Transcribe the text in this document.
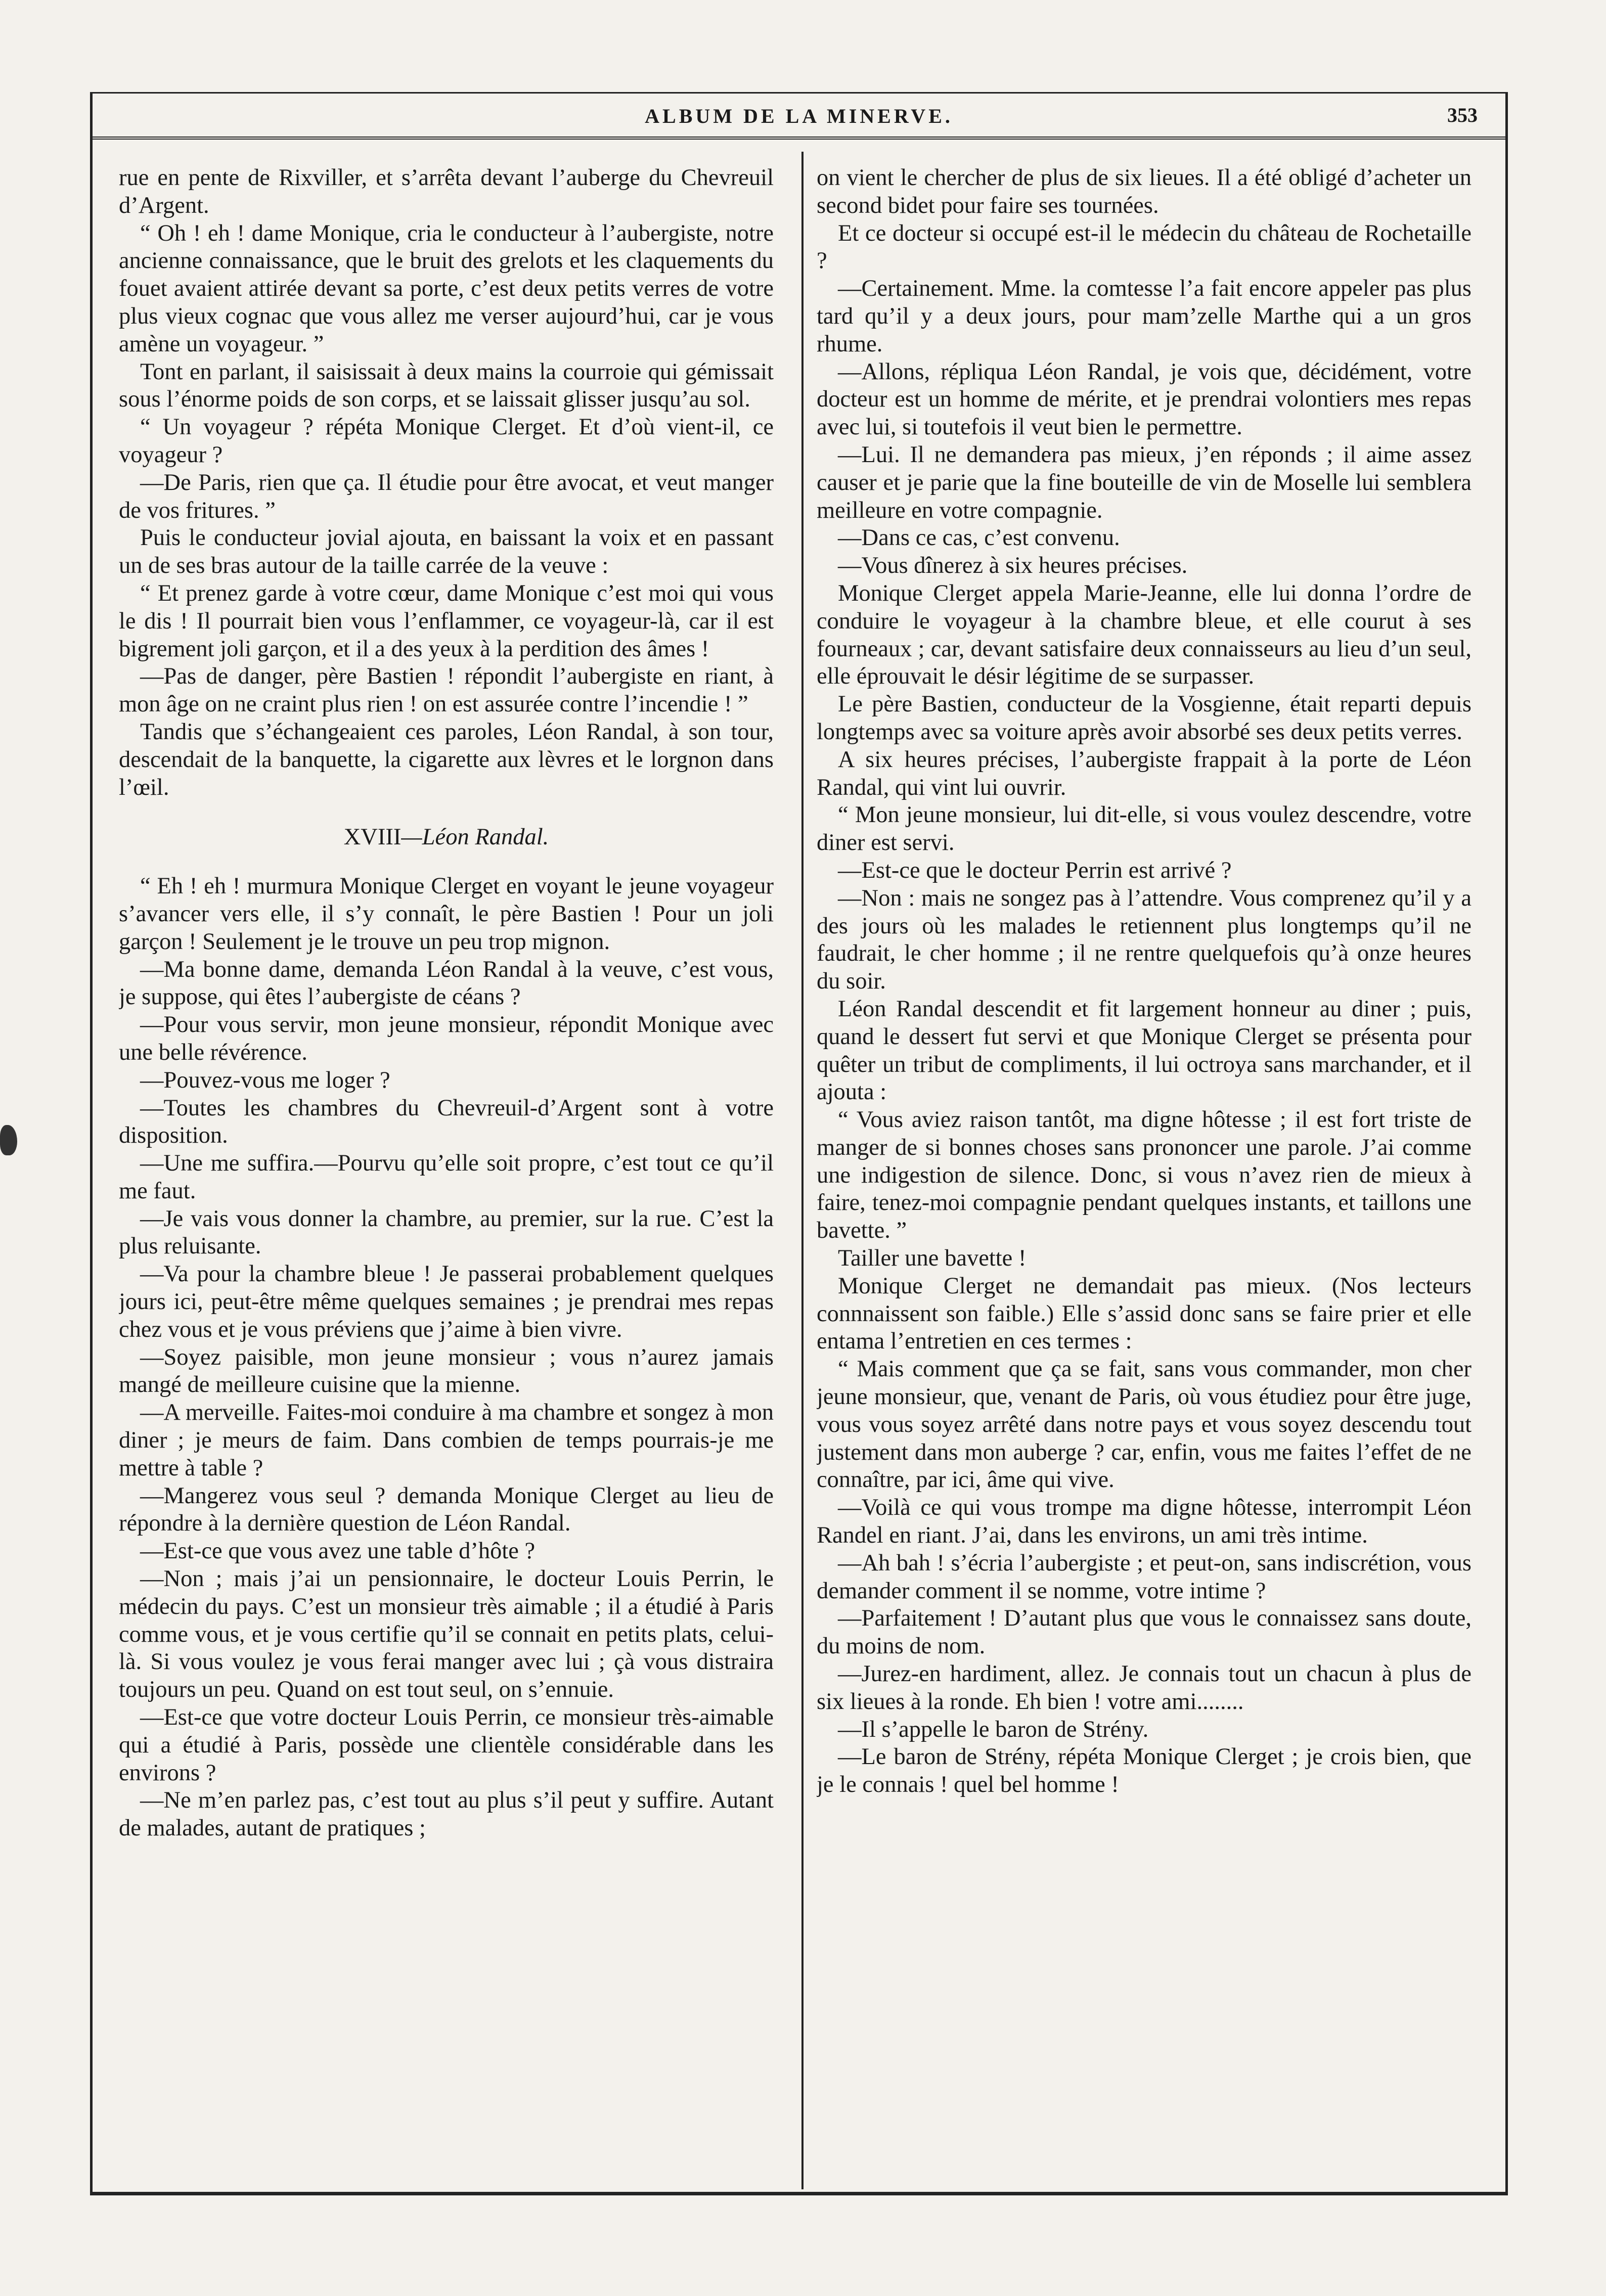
ALBUM DE LA MINERVE.	353

rue en pente de Rixviller, et s’arrêta devant l’auberge du Chevreuil d’Argent.

“ Oh ! eh ! dame Monique, cria le conducteur à l’aubergiste, notre ancienne connaissance, que le bruit des grelots et les claquements du fouet avaient attirée devant sa porte, c’est deux petits verres de votre plus vieux cognac que vous allez me verser aujourd’hui, car je vous amène un voyageur. ”

Tont en parlant, il saisissait à deux mains la courroie qui gémissait sous l’énorme poids de son corps, et se laissait glisser jusqu’au sol.

“ Un voyageur ? répéta Monique Clerget. Et d’où vient-il, ce voyageur ?

—De Paris, rien que ça. Il étudie pour être avocat, et veut manger de vos fritures. ”

Puis le conducteur jovial ajouta, en baissant la voix et en passant un de ses bras autour de la taille carrée de la veuve :

“ Et prenez garde à votre cœur, dame Monique c’est moi qui vous le dis ! Il pourrait bien vous l’enflammer, ce voyageur-là, car il est bigrement joli garçon, et il a des yeux à la perdition des âmes !

—Pas de danger, père Bastien ! répondit l’aubergiste en riant, à mon âge on ne craint plus rien ! on est assurée contre l’incendie ! ”

Tandis que s’échangeaient ces paroles, Léon Randal, à son tour, descendait de la banquette, la cigarette aux lèvres et le lorgnon dans l’œil.

XVIII—Léon Randal.

“ Eh ! eh ! murmura Monique Clerget en voyant le jeune voyageur s’avancer vers elle, il s’y connaît, le père Bastien ! Pour un joli garçon ! Seulement je le trouve un peu trop mignon.

—Ma bonne dame, demanda Léon Randal à la veuve, c’est vous, je suppose, qui êtes l’aubergiste de céans ?

—Pour vous servir, mon jeune monsieur, répondit Monique avec une belle révérence.

—Pouvez-vous me loger ?

—Toutes les chambres du Chevreuil-d’Argent sont à votre disposition.

—Une me suffira.—Pourvu qu’elle soit propre, c’est tout ce qu’il me faut.

—Je vais vous donner la chambre, au premier, sur la rue. C’est la plus reluisante.

—Va pour la chambre bleue ! Je passerai probablement quelques jours ici, peut-être même quelques semaines ; je prendrai mes repas chez vous et je vous préviens que j’aime à bien vivre.

—Soyez paisible, mon jeune monsieur ; vous n’aurez jamais mangé de meilleure cuisine que la mienne.

—A merveille. Faites-moi conduire à ma chambre et songez à mon diner ; je meurs de faim. Dans combien de temps pourrais-je me mettre à table ?

—Mangerez vous seul ? demanda Monique Clerget au lieu de répondre à la dernière question de Léon Randal.

—Est-ce que vous avez une table d’hôte ?

—Non ; mais j’ai un pensionnaire, le docteur Louis Perrin, le médecin du pays. C’est un monsieur très aimable ; il a étudié à Paris comme vous, et je vous certifie qu’il se connait en petits plats, celui-là. Si vous voulez je vous ferai manger avec lui ; çà vous distraira toujours un peu. Quand on est tout seul, on s’ennuie.

—Est-ce que votre docteur Louis Perrin, ce monsieur très-aimable qui a étudié à Paris, possède une clientèle considérable dans les environs ?

—Ne m’en parlez pas, c’est tout au plus s’il peut y suffire. Autant de malades, autant de pratiques ;

on vient le chercher de plus de six lieues. Il a été obligé d’acheter un second bidet pour faire ses tournées.

Et ce docteur si occupé est-il le médecin du château de Rochetaille ?

—Certainement. Mme. la comtesse l’a fait encore appeler pas plus tard qu’il y a deux jours, pour mam’zelle Marthe qui a un gros rhume.

—Allons, répliqua Léon Randal, je vois que, décidément, votre docteur est un homme de mérite, et je prendrai volontiers mes repas avec lui, si toutefois il veut bien le permettre.

—Lui. Il ne demandera pas mieux, j’en réponds ; il aime assez causer et je parie que la fine bouteille de vin de Moselle lui semblera meilleure en votre compagnie.

—Dans ce cas, c’est convenu.

—Vous dînerez à six heures précises.

Monique Clerget appela Marie-Jeanne, elle lui donna l’ordre de conduire le voyageur à la chambre bleue, et elle courut à ses fourneaux ; car, devant satisfaire deux connaisseurs au lieu d’un seul, elle éprouvait le désir légitime de se surpasser.

Le père Bastien, conducteur de la Vosgienne, était reparti depuis longtemps avec sa voiture après avoir absorbé ses deux petits verres.

A six heures précises, l’aubergiste frappait à la porte de Léon Randal, qui vint lui ouvrir.

“ Mon jeune monsieur, lui dit-elle, si vous voulez descendre, votre diner est servi.

—Est-ce que le docteur Perrin est arrivé ?

—Non : mais ne songez pas à l’attendre. Vous comprenez qu’il y a des jours où les malades le retiennent plus longtemps qu’il ne faudrait, le cher homme ; il ne rentre quelquefois qu’à onze heures du soir.

Léon Randal descendit et fit largement honneur au diner ; puis, quand le dessert fut servi et que Monique Clerget se présenta pour quêter un tribut de compliments, il lui octroya sans marchander, et il ajouta :

“ Vous aviez raison tantôt, ma digne hôtesse ; il est fort triste de manger de si bonnes choses sans prononcer une parole. J’ai comme une indigestion de silence. Donc, si vous n’avez rien de mieux à faire, tenez-moi compagnie pendant quelques instants, et taillons une bavette. ”

Tailler une bavette !

Monique Clerget ne demandait pas mieux. (Nos lecteurs connnaissent son faible.) Elle s’assid donc sans se faire prier et elle entama l’entretien en ces termes :

“ Mais comment que ça se fait, sans vous commander, mon cher jeune monsieur, que, venant de Paris, où vous étudiez pour être juge, vous vous soyez arrêté dans notre pays et vous soyez descendu tout justement dans mon auberge ? car, enfin, vous me faites l’effet de ne connaître, par ici, âme qui vive.

—Voilà ce qui vous trompe ma digne hôtesse, interrompit Léon Randel en riant. J’ai, dans les environs, un ami très intime.

—Ah bah ! s’écria l’aubergiste ; et peut-on, sans indiscrétion, vous demander comment il se nomme, votre intime ?

—Parfaitement ! D’autant plus que vous le connaissez sans doute, du moins de nom.

—Jurez-en hardiment, allez. Je connais tout un chacun à plus de six lieues à la ronde. Eh bien ! votre ami........

—Il s’appelle le baron de Strény.

—Le baron de Strény, répéta Monique Clerget ; je crois bien, que je le connais ! quel bel homme !
